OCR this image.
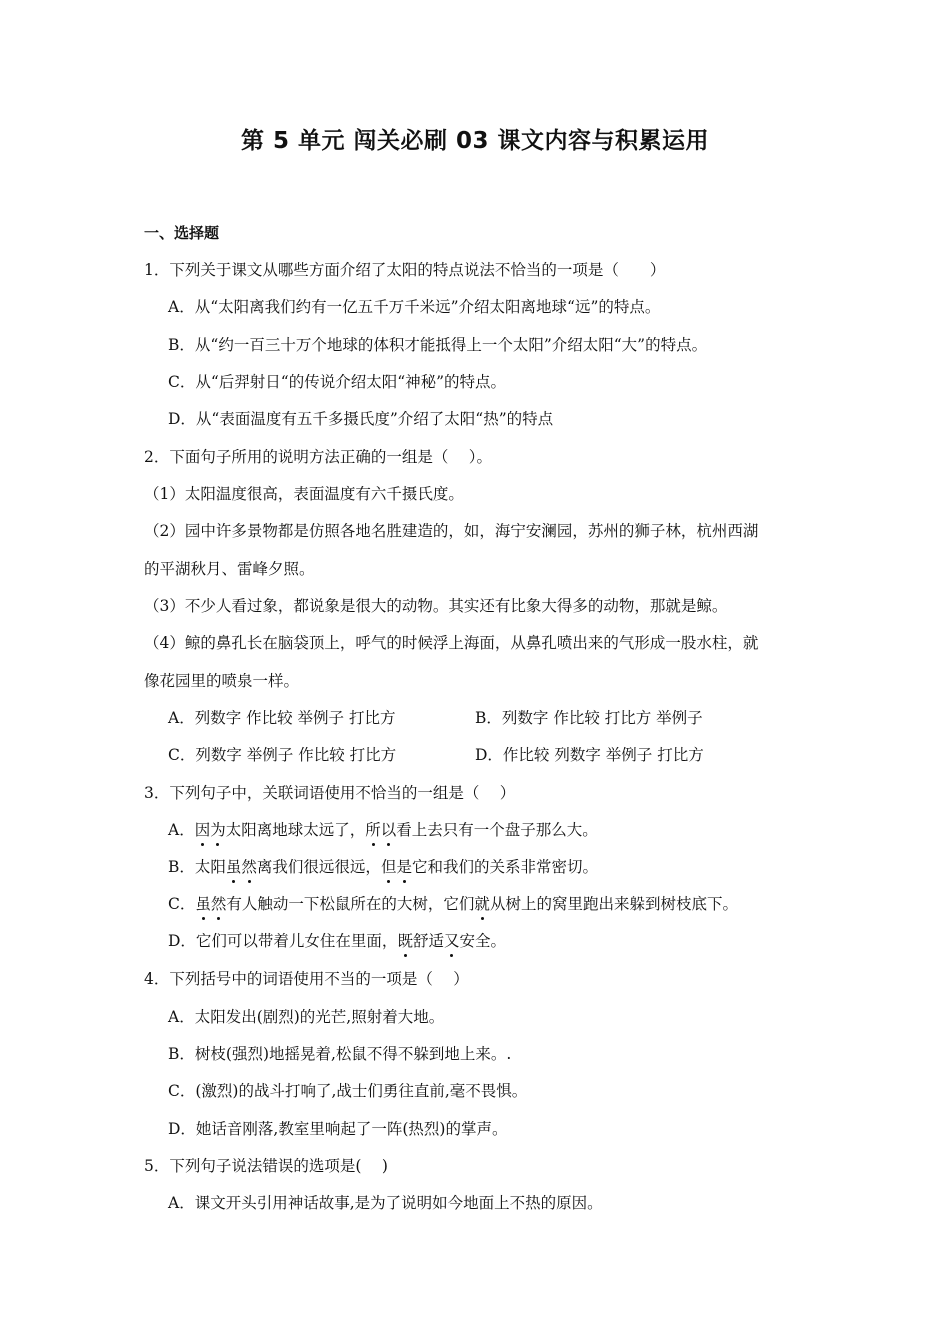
第 5 单元 闯关必刷 03 课文内容与积累运用
一、选择题
1．下列关于课文从哪些方面介绍了太阳的特点说法不恰当的一项是（　　）
A．从“太阳离我们约有一亿五千万千米远”介绍太阳离地球“远”的特点。
B．从“约一百三十万个地球的体积才能抵得上一个太阳”介绍太阳“大”的特点。
C．从“后羿射日“的传说介绍太阳“神秘”的特点。
D．从“表面温度有五千多摄氏度”介绍了太阳“热”的特点
2．下面句子所用的说明方法正确的一组是（　 ）。
（1）太阳温度很高，表面温度有六千摄氏度。
（2）园中许多景物都是仿照各地名胜建造的，如，海宁安澜园，苏州的狮子林，杭州西湖
的平湖秋月、雷峰夕照。
（3）不少人看过象，都说象是很大的动物。其实还有比象大得多的动物，那就是鲸。
（4）鲸的鼻孔长在脑袋顶上，呼气的时候浮上海面，从鼻孔喷出来的气形成一股水柱，就
像花园里的喷泉一样。
A．列数字 作比较 举例子 打比方	B．列数字 作比较 打比方 举例子
C．列数字 举例子 作比较 打比方	D．作比较 列数字 举例子 打比方
3．下列句子中，关联词语使用不恰当的一组是（　 ）
A．因为太阳离地球太远了，所以看上去只有一个盘子那么大。
B．太阳虽然离我们很远很远，但是它和我们的关系非常密切。
C．虽然有人触动一下松鼠所在的大树，它们就从树上的窝里跑出来躲到树枝底下。
D．它们可以带着儿女住在里面，既舒适又安全。
4．下列括号中的词语使用不当的一项是（　 ）
A．太阳发出(剧烈)的光芒,照射着大地。
B．树枝(强烈)地摇晃着,松鼠不得不躲到地上来。.
C．(激烈)的战斗打响了,战士们勇往直前,毫不畏惧。
D．她话音刚落,教室里响起了一阵(热烈)的掌声。
5．下列句子说法错误的选项是(　 )
A．课文开头引用神话故事,是为了说明如今地面上不热的原因。
